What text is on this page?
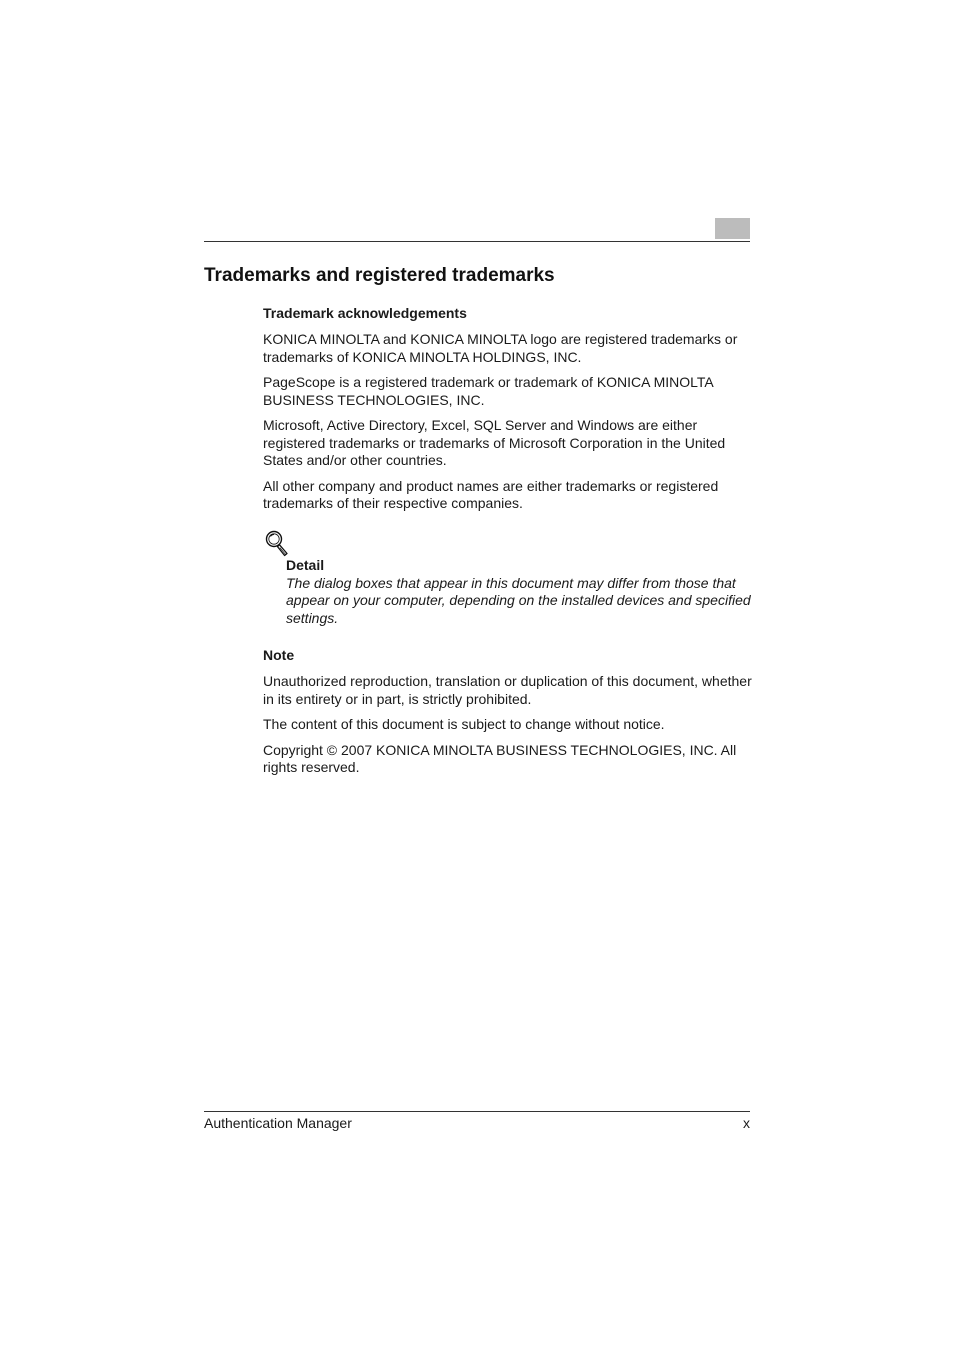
Trademarks and registered trademarks
Trademark acknowledgements

KONICA MINOLTA and KONICA MINOLTA logo are registered trademarks or trademarks of KONICA MINOLTA HOLDINGS, INC.

PageScope is a registered trademark or trademark of KONICA MINOLTA BUSINESS TECHNOLOGIES, INC.

Microsoft, Active Directory, Excel, SQL Server and Windows are either registered trademarks or trademarks of Microsoft Corporation in the United States and/or other countries.

All other company and product names are either trademarks or registered trademarks of their respective companies.

Detail

The dialog boxes that appear in this document may differ from those that appear on your computer, depending on the installed devices and specified settings.

Note

Unauthorized reproduction, translation or duplication of this document, whether in its entirety or in part, is strictly prohibited.

The content of this document is subject to change without notice.

Copyright © 2007 KONICA MINOLTA BUSINESS TECHNOLOGIES, INC. All rights reserved.

Authentication Manager	x
